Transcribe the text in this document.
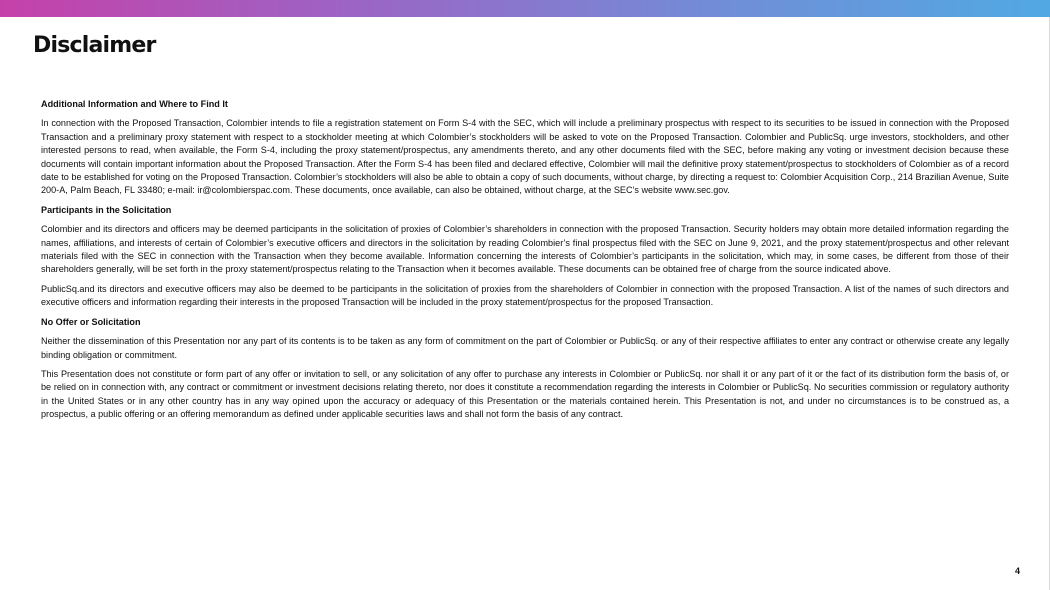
Disclaimer
Additional Information and Where to Find It

In connection with the Proposed Transaction, Colombier intends to file a registration statement on Form S-4 with the SEC, which will include a preliminary prospectus with respect to its securities to be issued in connection with the Proposed Transaction and a preliminary proxy statement with respect to a stockholder meeting at which Colombier’s stockholders will be asked to vote on the Proposed Transaction. Colombier and PublicSq. urge investors, stockholders, and other interested persons to read, when available, the Form S-4, including the proxy statement/prospectus, any amendments thereto, and any other documents filed with the SEC, before making any voting or investment decision because these documents will contain important information about the Proposed Transaction. After the Form S-4 has been filed and declared effective, Colombier will mail the definitive proxy statement/prospectus to stockholders of Colombier as of a record date to be established for voting on the Proposed Transaction. Colombier’s stockholders will also be able to obtain a copy of such documents, without charge, by directing a request to: Colombier Acquisition Corp., 214 Brazilian Avenue, Suite 200-A, Palm Beach, FL 33480; e-mail: ir@colombierspac.com. These documents, once available, can also be obtained, without charge, at the SEC’s website www.sec.gov.

Participants in the Solicitation

Colombier and its directors and officers may be deemed participants in the solicitation of proxies of Colombier’s shareholders in connection with the proposed Transaction. Security holders may obtain more detailed information regarding the names, affiliations, and interests of certain of Colombier’s executive officers and directors in the solicitation by reading Colombier’s final prospectus filed with the SEC on June 9, 2021, and the proxy statement/prospectus and other relevant materials filed with the SEC in connection with the Transaction when they become available. Information concerning the interests of Colombier’s participants in the solicitation, which may, in some cases, be different from those of their shareholders generally, will be set forth in the proxy statement/prospectus relating to the Transaction when it becomes available. These documents can be obtained free of charge from the source indicated above.

PublicSq.and its directors and executive officers may also be deemed to be participants in the solicitation of proxies from the shareholders of Colombier in connection with the proposed Transaction. A list of the names of such directors and executive officers and information regarding their interests in the proposed Transaction will be included in the proxy statement/prospectus for the proposed Transaction.

No Offer or Solicitation

Neither the dissemination of this Presentation nor any part of its contents is to be taken as any form of commitment on the part of Colombier or PublicSq. or any of their respective affiliates to enter any contract or otherwise create any legally binding obligation or commitment.

This Presentation does not constitute or form part of any offer or invitation to sell, or any solicitation of any offer to purchase any interests in Colombier or PublicSq. nor shall it or any part of it or the fact of its distribution form the basis of, or be relied on in connection with, any contract or commitment or investment decisions relating thereto, nor does it constitute a recommendation regarding the interests in Colombier or PublicSq. No securities commission or regulatory authority in the United States or in any other country has in any way opined upon the accuracy or adequacy of this Presentation or the materials contained herein. This Presentation is not, and under no circumstances is to be construed as, a prospectus, a public offering or an offering memorandum as defined under applicable securities laws and shall not form the basis of any contract.

4
